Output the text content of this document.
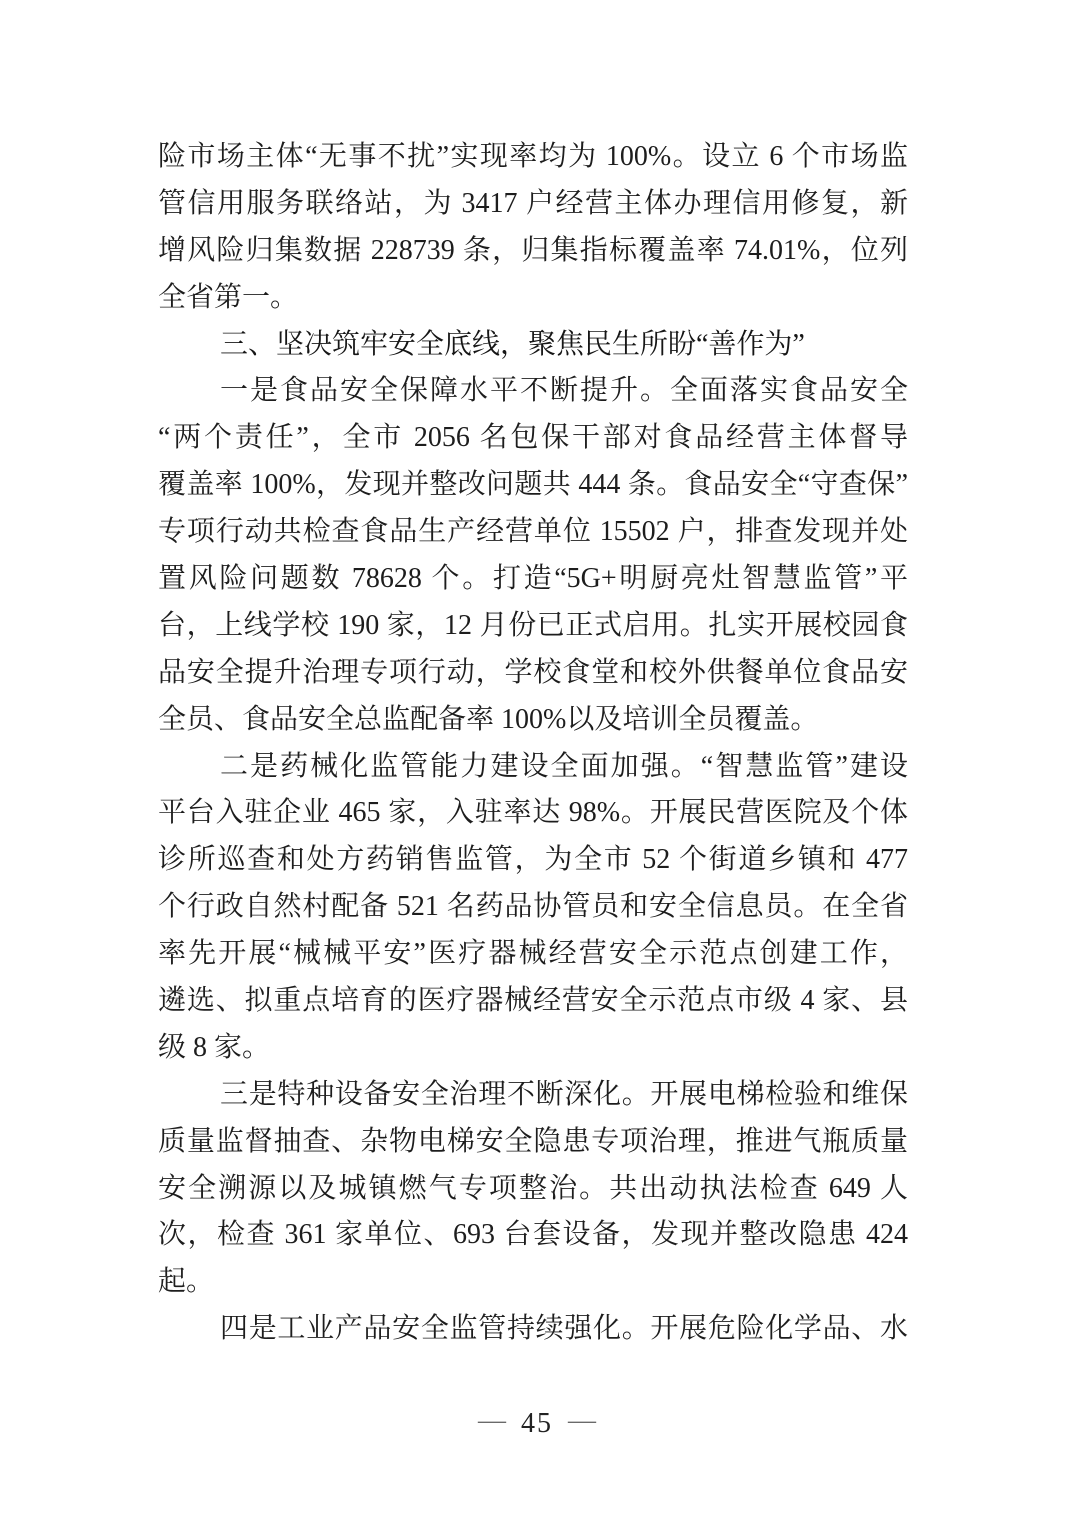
险市场主体“无事不扰”实现率均为 100%。设立 6 个市场监
管信用服务联络站，为 3417 户经营主体办理信用修复，新
增风险归集数据 228739 条，归集指标覆盖率 74.01%，位列
全省第一。
三、坚决筑牢安全底线，聚焦民生所盼“善作为”
一是食品安全保障水平不断提升。全面落实食品安全
“两个责任”，全市 2056 名包保干部对食品经营主体督导
覆盖率 100%，发现并整改问题共 444 条。食品安全“守查保”
专项行动共检查食品生产经营单位 15502 户，排查发现并处
置风险问题数 78628 个。打造“5G+明厨亮灶智慧监管”平
台，上线学校 190 家，12 月份已正式启用。扎实开展校园食
品安全提升治理专项行动，学校食堂和校外供餐单位食品安
全员、食品安全总监配备率 100%以及培训全员覆盖。
二是药械化监管能力建设全面加强。“智慧监管”建设
平台入驻企业 465 家，入驻率达 98%。开展民营医院及个体
诊所巡查和处方药销售监管，为全市 52 个街道乡镇和 477
个行政自然村配备 521 名药品协管员和安全信息员。在全省
率先开展“械械平安”医疗器械经营安全示范点创建工作，
遴选、拟重点培育的医疗器械经营安全示范点市级 4 家、县
级 8 家。
三是特种设备安全治理不断深化。开展电梯检验和维保
质量监督抽查、杂物电梯安全隐患专项治理，推进气瓶质量
安全溯源以及城镇燃气专项整治。共出动执法检查 649 人
次，检查 361 家单位、693 台套设备，发现并整改隐患 424
起。
四是工业产品安全监管持续强化。开展危险化学品、水
— 45 —
